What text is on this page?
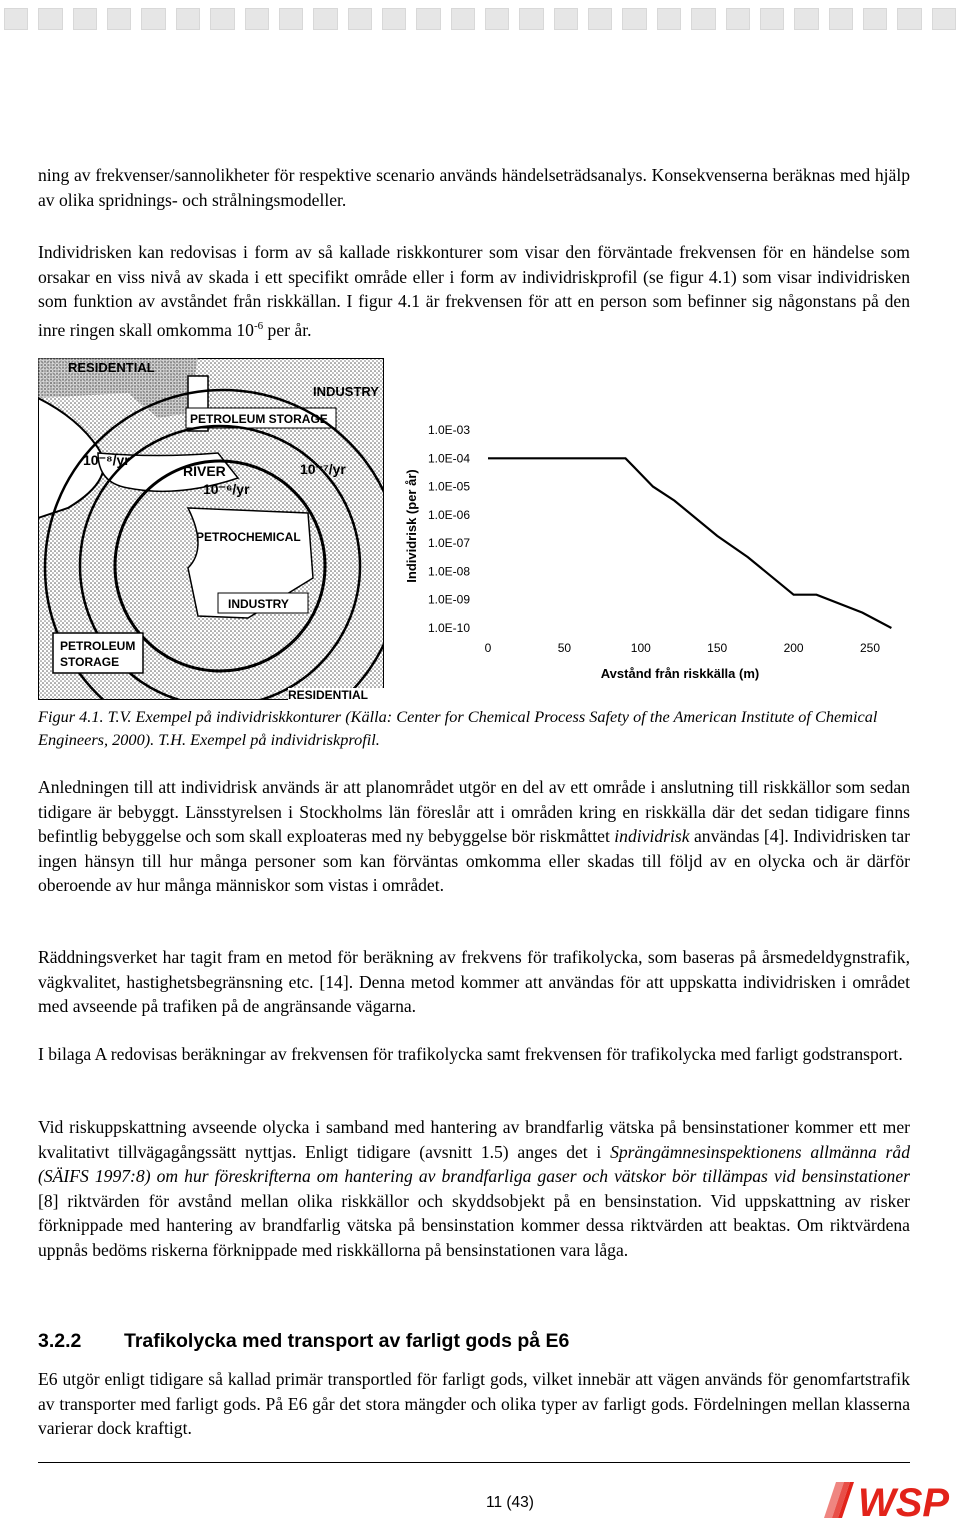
ning av frekvenser/sannolikheter för respektive scenario används händelseträdsanalys. Konsekvenserna beräknas med hjälp av olika spridnings- och strålningsmodeller.

Individrisken kan redovisas i form av så kallade riskkonturer som visar den förväntade frekvensen för en händelse som orsakar en viss nivå av skada i ett specifikt område eller i form av individriskprofil (se figur 4.1) som visar individrisken som funktion av avståndet från riskkällan. I figur 4.1 är frekvensen för att en person som befinner sig någonstans på den inre ringen skall omkomma $10^{-6}$ per år.

RESIDENTIAL
INDUSTRY
PETROLEUM STORAGE
RIVER
10⁻⁸/yr
10⁻⁶/yr
10⁻⁷/yr
PETROCHEMICAL
INDUSTRY
PETROLEUM
STORAGE
RESIDENTIAL
Individrisk (per år)
Avstånd från riskkälla (m)
1.0E-03
1.0E-04
1.0E-05
1.0E-06
1.0E-07
1.0E-08
1.0E-09
1.0E-10
0	50	100	150	200	250

Figur 4.1. T.V. Exempel på individriskkonturer (Källa: Center for Chemical Process Safety of the American Institute of Chemical Engineers, 2000). T.H. Exempel på individriskprofil.

Anledningen till att individrisk används är att planområdet utgör en del av ett område i anslutning till riskkällor som sedan tidigare är bebyggt. Länsstyrelsen i Stockholms län föreslår att i områden kring en riskkälla där det sedan tidigare finns befintlig bebyggelse och som skall exploateras med ny bebyggelse bör riskmåttet individrisk användas [4]. Individrisken tar ingen hänsyn till hur många personer som kan förväntas omkomma eller skadas till följd av en olycka och är därför oberoende av hur många människor som vistas i området.

Räddningsverket har tagit fram en metod för beräkning av frekvens för trafikolycka, som baseras på årsmedeldygnstrafik, vägkvalitet, hastighetsbegränsning etc. [14]. Denna metod kommer att användas för att uppskatta individrisken i området med avseende på trafiken på de angränsande vägarna.

I bilaga A redovisas beräkningar av frekvensen för trafikolycka samt frekvensen för trafikolycka med farligt godstransport.

Vid riskuppskattning avseende olycka i samband med hantering av brandfarlig vätska på bensinstationer kommer ett mer kvalitativt tillvägagångssätt nyttjas. Enligt tidigare (avsnitt 1.5) anges det i Sprängämnesinspektionens allmänna råd (SÄIFS 1997:8) om hur föreskrifterna om hantering av brandfarliga gaser och vätskor bör tillämpas vid bensinstationer [8] riktvärden för avstånd mellan olika riskkällor och skyddsobjekt på en bensinstation. Vid uppskattning av risker förknippade med hantering av brandfarlig vätska på bensinstation kommer dessa riktvärden att beaktas. Om riktvärdena uppnås bedöms riskerna förknippade med riskkällorna på bensinstationen vara låga.

3.2.2 Trafikolycka med transport av farligt gods på E6

E6 utgör enligt tidigare så kallad primär transportled för farligt gods, vilket innebär att vägen används för genomfartstrafik av transporter med farligt gods. På E6 går det stora mängder och olika typer av farligt gods. Fördelningen mellan klasserna varierar dock kraftigt.

11 (43)	WSP
